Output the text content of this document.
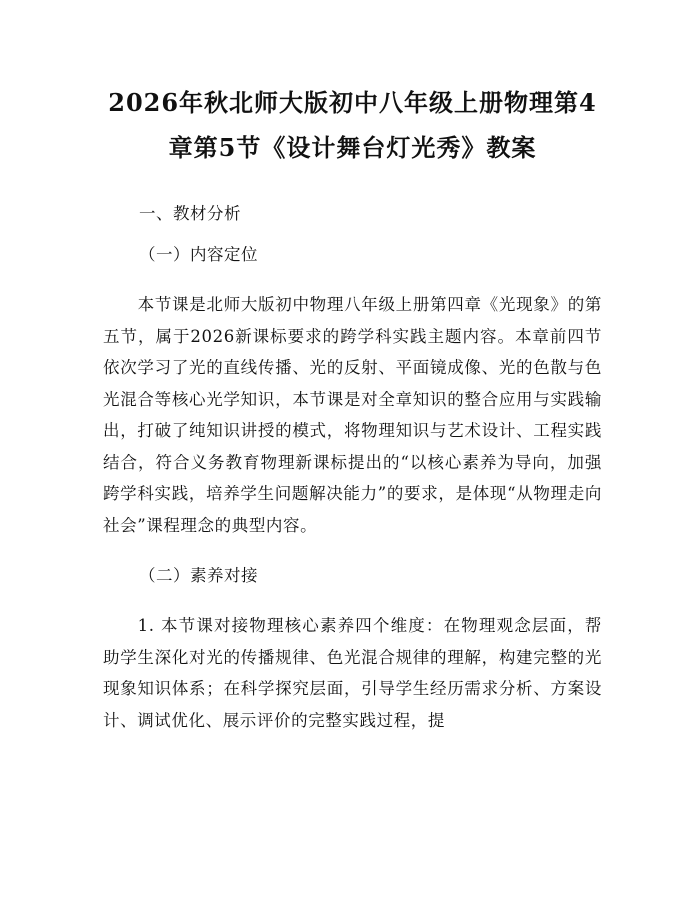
2026年秋北师大版初中八年级上册物理第4
章第5节《设计舞台灯光秀》教案
一、教材分析
（一）内容定位

本节课是北师大版初中物理八年级上册第四章《光现象》的第五节，属于2026新课标要求的跨学科实践主题内容。本章前四节依次学习了光的直线传播、光的反射、平面镜成像、光的色散与色光混合等核心光学知识，本节课是对全章知识的整合应用与实践输出，打破了纯知识讲授的模式，将物理知识与艺术设计、工程实践结合，符合义务教育物理新课标提出的“以核心素养为导向，加强跨学科实践，培养学生问题解决能力”的要求，是体现“从物理走向社会”课程理念的典型内容。

（二）素养对接

1. 本节课对接物理核心素养四个维度：在物理观念层面，帮助学生深化对光的传播规律、色光混合规律的理解，构建完整的光现象知识体系；在科学探究层面，引导学生经历需求分析、方案设计、调试优化、展示评价的完整实践过程，提
